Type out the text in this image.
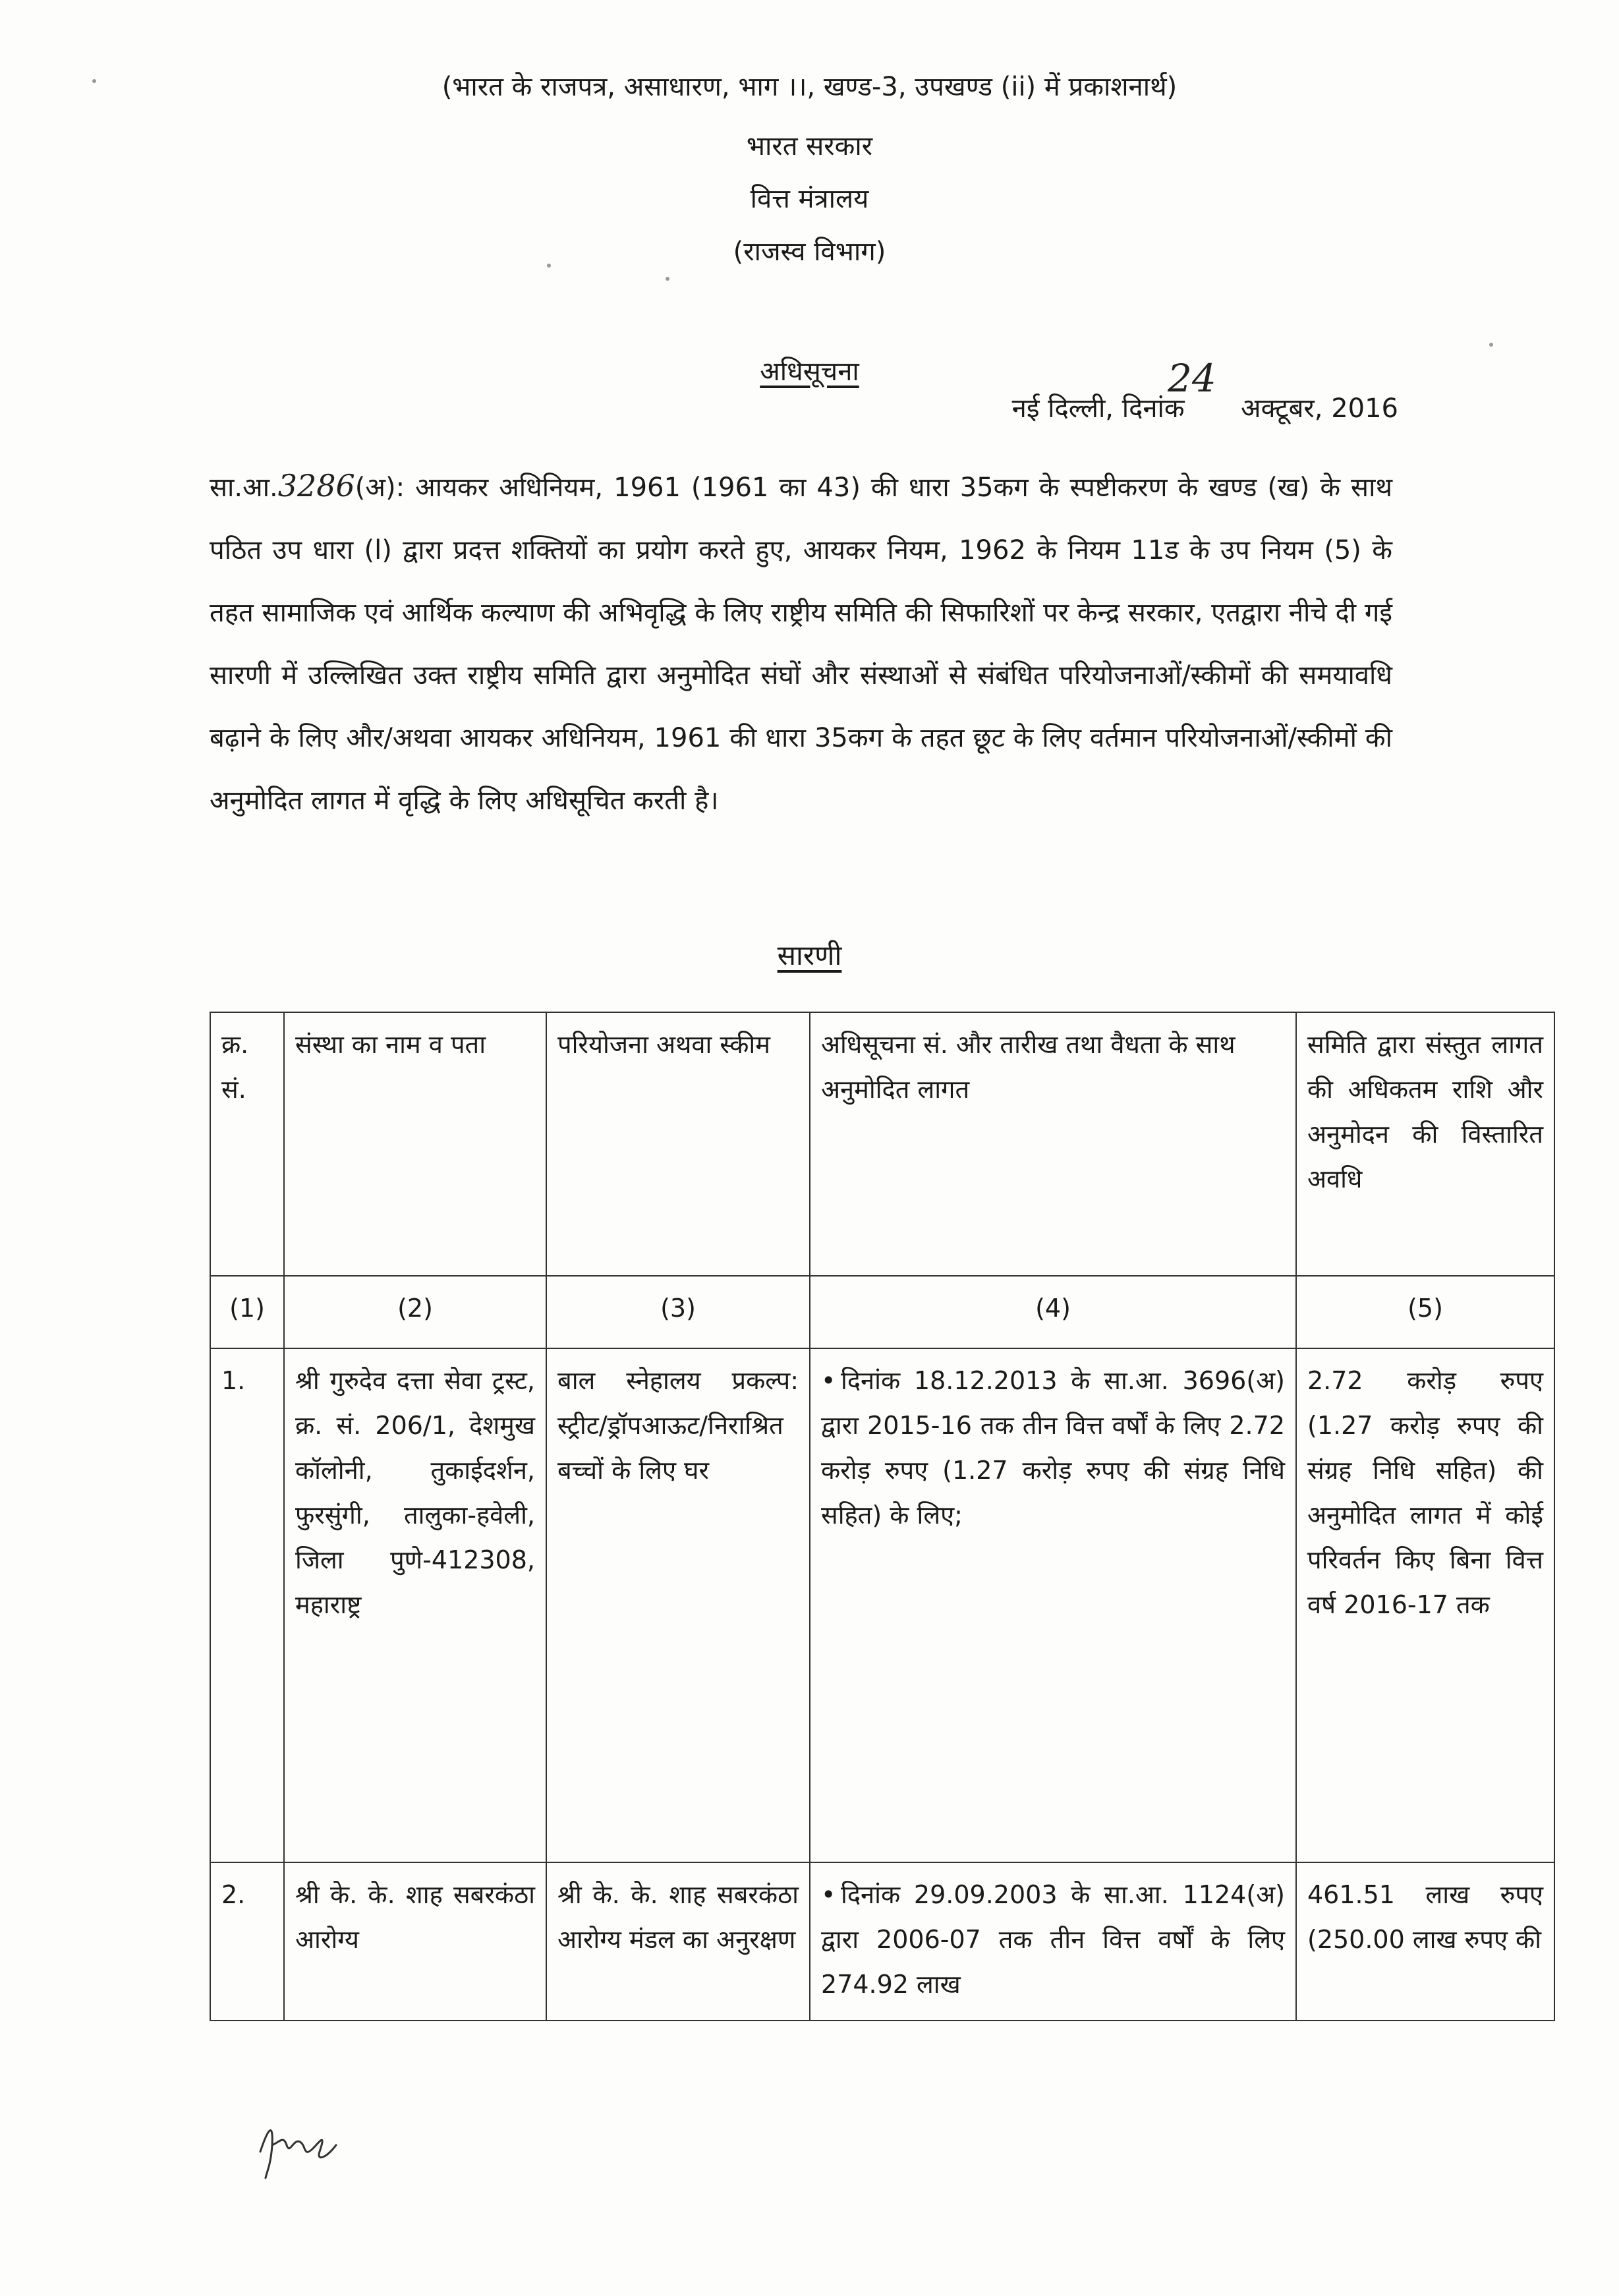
(भारत के राजपत्र, असाधारण, भाग ।।, खण्ड-3, उपखण्ड (ii) में प्रकाशनार्थ)
भारत सरकार
वित्त मंत्रालय
(राजस्व विभाग)
अधिसूचना	24
नई दिल्ली, दिनांक अक्टूबर, 2016
सा.आ.3286(अ): आयकर अधिनियम, 1961 (1961 का 43) की धारा 35कग के स्पष्टीकरण के खण्ड (ख) के साथ पठित उप धारा (l) द्वारा प्रदत्त शक्तियों का प्रयोग करते हुए, आयकर नियम, 1962 के नियम 11ड के उप नियम (5) के तहत सामाजिक एवं आर्थिक कल्याण की अभिवृद्धि के लिए राष्ट्रीय समिति की सिफारिशों पर केन्द्र सरकार, एतद्वारा नीचे दी गई सारणी में उल्लिखित उक्त राष्ट्रीय समिति द्वारा अनुमोदित संघों और संस्थाओं से संबंधित परियोजनाओं/स्कीमों की समयावधि बढ़ाने के लिए और/अथवा आयकर अधिनियम, 1961 की धारा 35कग के तहत छूट के लिए वर्तमान परियोजनाओं/स्कीमों की अनुमोदित लागत में वृद्धि के लिए अधिसूचित करती है।
सारणी
क्र. सं.	संस्था का नाम व पता	परियोजना अथवा स्कीम	अधिसूचना सं. और तारीख तथा वैधता के साथ अनुमोदित लागत	समिति द्वारा संस्तुत लागत की अधिकतम राशि और अनुमोदन की विस्तारित अवधि
(1)	(2)	(3)	(4)	(5)
1.	श्री गुरुदेव दत्ता सेवा ट्रस्ट, क्र. सं. 206/1, देशमुख कॉलोनी, तुकाईदर्शन, फुरसुंगी, तालुका-हवेली, जिला पुणे-412308, महाराष्ट्र	बाल स्नेहालय प्रकल्प: स्ट्रीट/ड्रॉपआऊट/निराश्रित बच्चों के लिए घर	• दिनांक 18.12.2013 के सा.आ. 3696(अ) द्वारा 2015-16 तक तीन वित्त वर्षों के लिए 2.72 करोड़ रुपए (1.27 करोड़ रुपए की संग्रह निधि सहित) के लिए;	2.72 करोड़ रुपए (1.27 करोड़ रुपए की संग्रह निधि सहित) की अनुमोदित लागत में कोई परिवर्तन किए बिना वित्त वर्ष 2016-17 तक
2.	श्री के. के. शाह सबरकंठा आरोग्य	श्री के. के. शाह सबरकंठा आरोग्य मंडल का अनुरक्षण	• दिनांक 29.09.2003 के सा.आ. 1124(अ) द्वारा 2006-07 तक तीन वित्त वर्षों के लिए 274.92 लाख	461.51 लाख रुपए (250.00 लाख रुपए की
